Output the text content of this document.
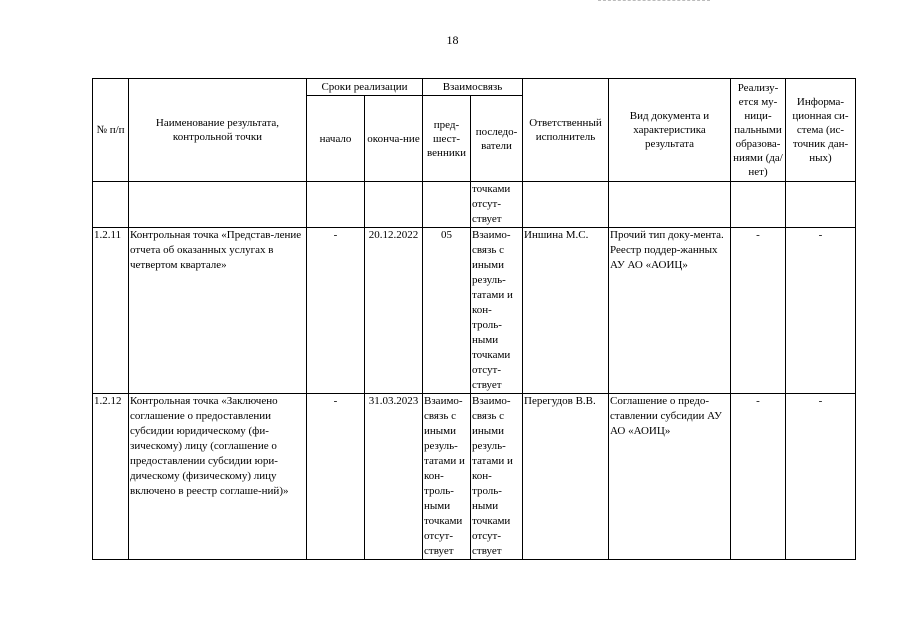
18
№ п/п	Наименование результата, контрольной точки	Сроки реализации		Взаимосвязь		Ответственный исполнитель	Вид документа и характеристика результата	Реализу-ется му-ници-пальными образова-ниями (да/нет)	Информа-ционная си-стема (ис-точник дан-ных)
		начало	оконча-ние	пред-шест-венники	последо-ватели				
					точками отсут-ствует				
1.2.11	Контрольная точка «Представ-ление отчета об оказанных услугах в четвертом квартале»	-	20.12.2022	05	Взаимо-связь с иными резуль-татами и кон-троль-ными точками отсут-ствует	Иншина М.С.	Прочий тип доку-мента. Реестр поддер-жанных АУ АО «АОИЦ»	-	-
1.2.12	Контрольная точка «Заключено соглашение о предоставлении субсидии юридическому (фи-зическому) лицу (соглашение о предоставлении субсидии юри-дическому (физическому) лицу включено в реестр соглаше-ний)»	-	31.03.2023	Взаимо-связь с иными резуль-татами и кон-троль-ными точками отсут-ствует	Взаимо-связь с иными резуль-татами и кон-троль-ными точками отсут-ствует	Перегудов В.В.	Соглашение о предо-ставлении субсидии АУ АО «АОИЦ»	-	-
